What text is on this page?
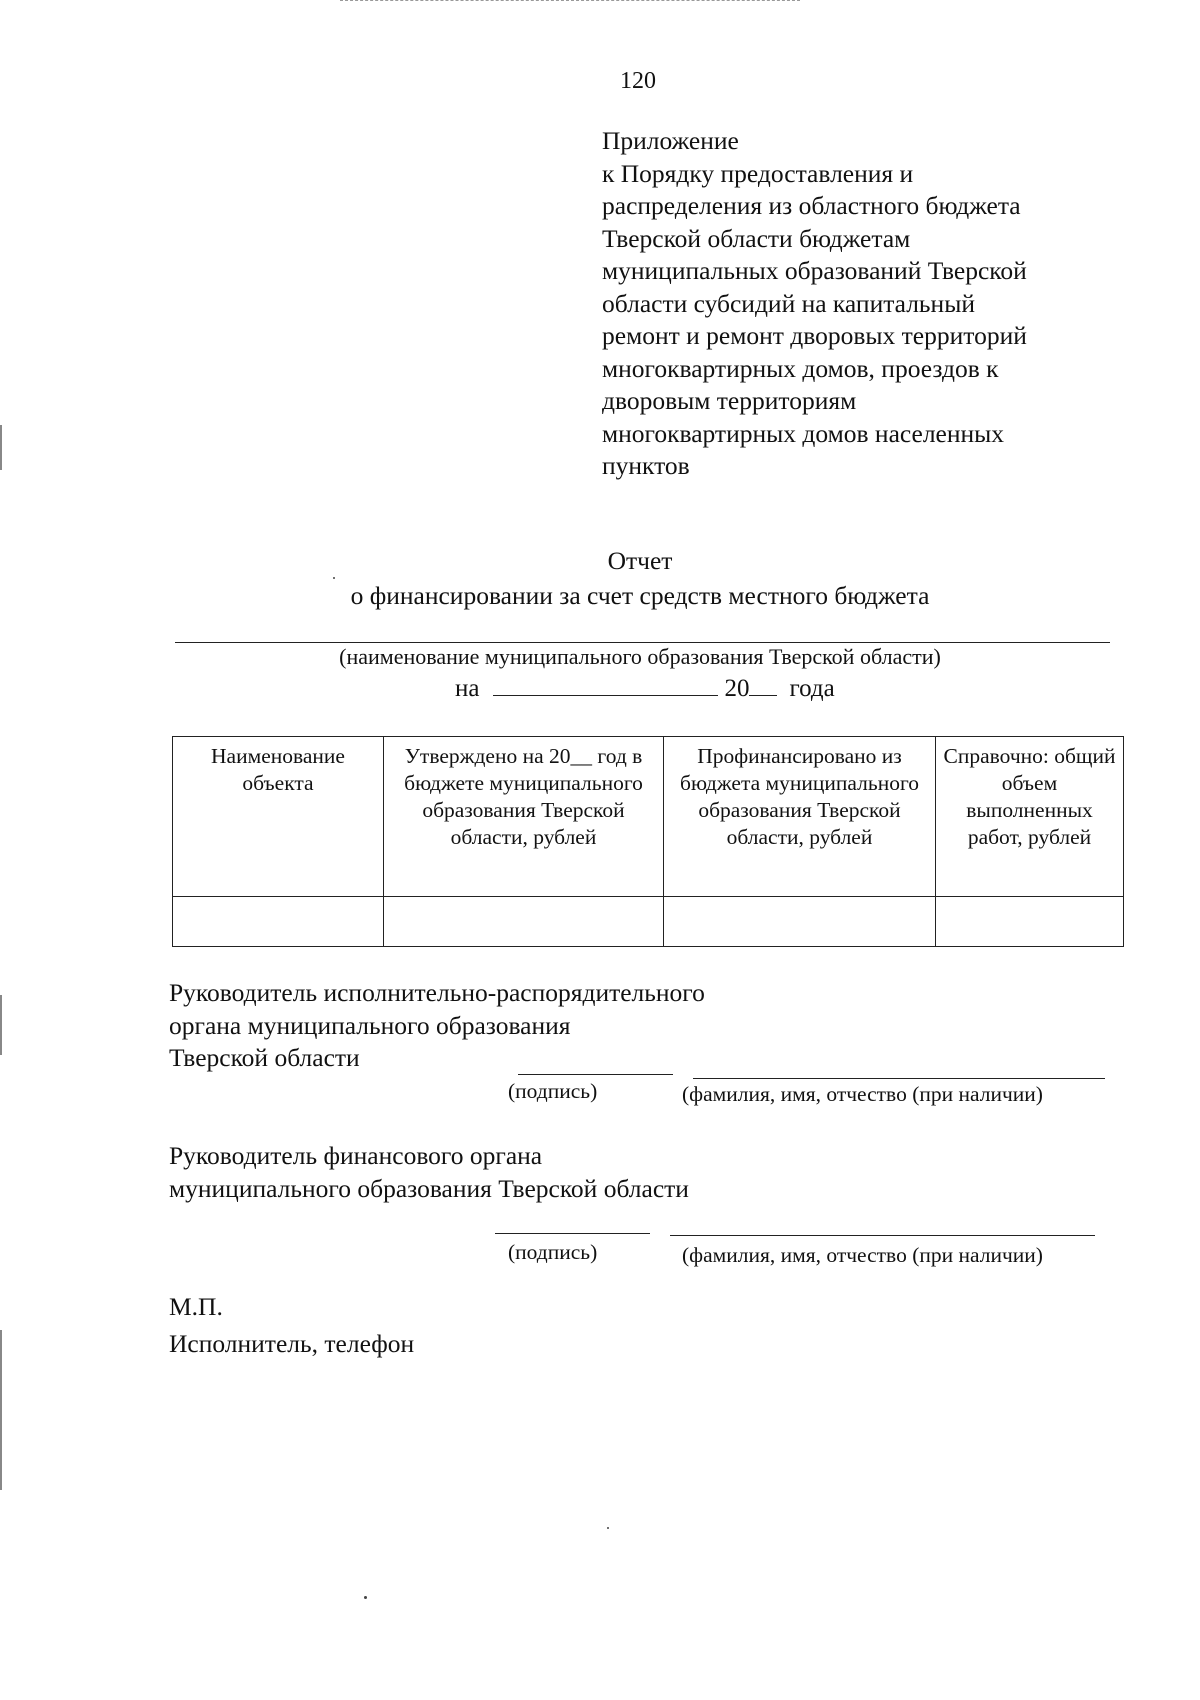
120
Приложение
к Порядку предоставления и
распределения из областного бюджета
Тверской области бюджетам
муниципальных образований Тверской
области субсидий на капитальный
ремонт и ремонт дворовых территорий
многоквартирных домов, проездов к
дворовым территориям
многоквартирных домов населенных
пунктов
Отчет
о финансировании за счет средств местного бюджета
(наименование муниципального образования Тверской области)
на	20 года
Наименование объекта	Утверждено на 20__ год в бюджете муниципального образования Тверской области, рублей	Профинансировано из бюджета муниципального образования Тверской области, рублей	Справочно: общий объем выполненных работ, рублей

Руководитель исполнительно-распорядительного
органа муниципального образования
Тверской области
(подпись)	(фамилия, имя, отчество (при наличии)
Руководитель финансового органа
муниципального образования Тверской области
(подпись)	(фамилия, имя, отчество (при наличии)
М.П.
Исполнитель, телефон
